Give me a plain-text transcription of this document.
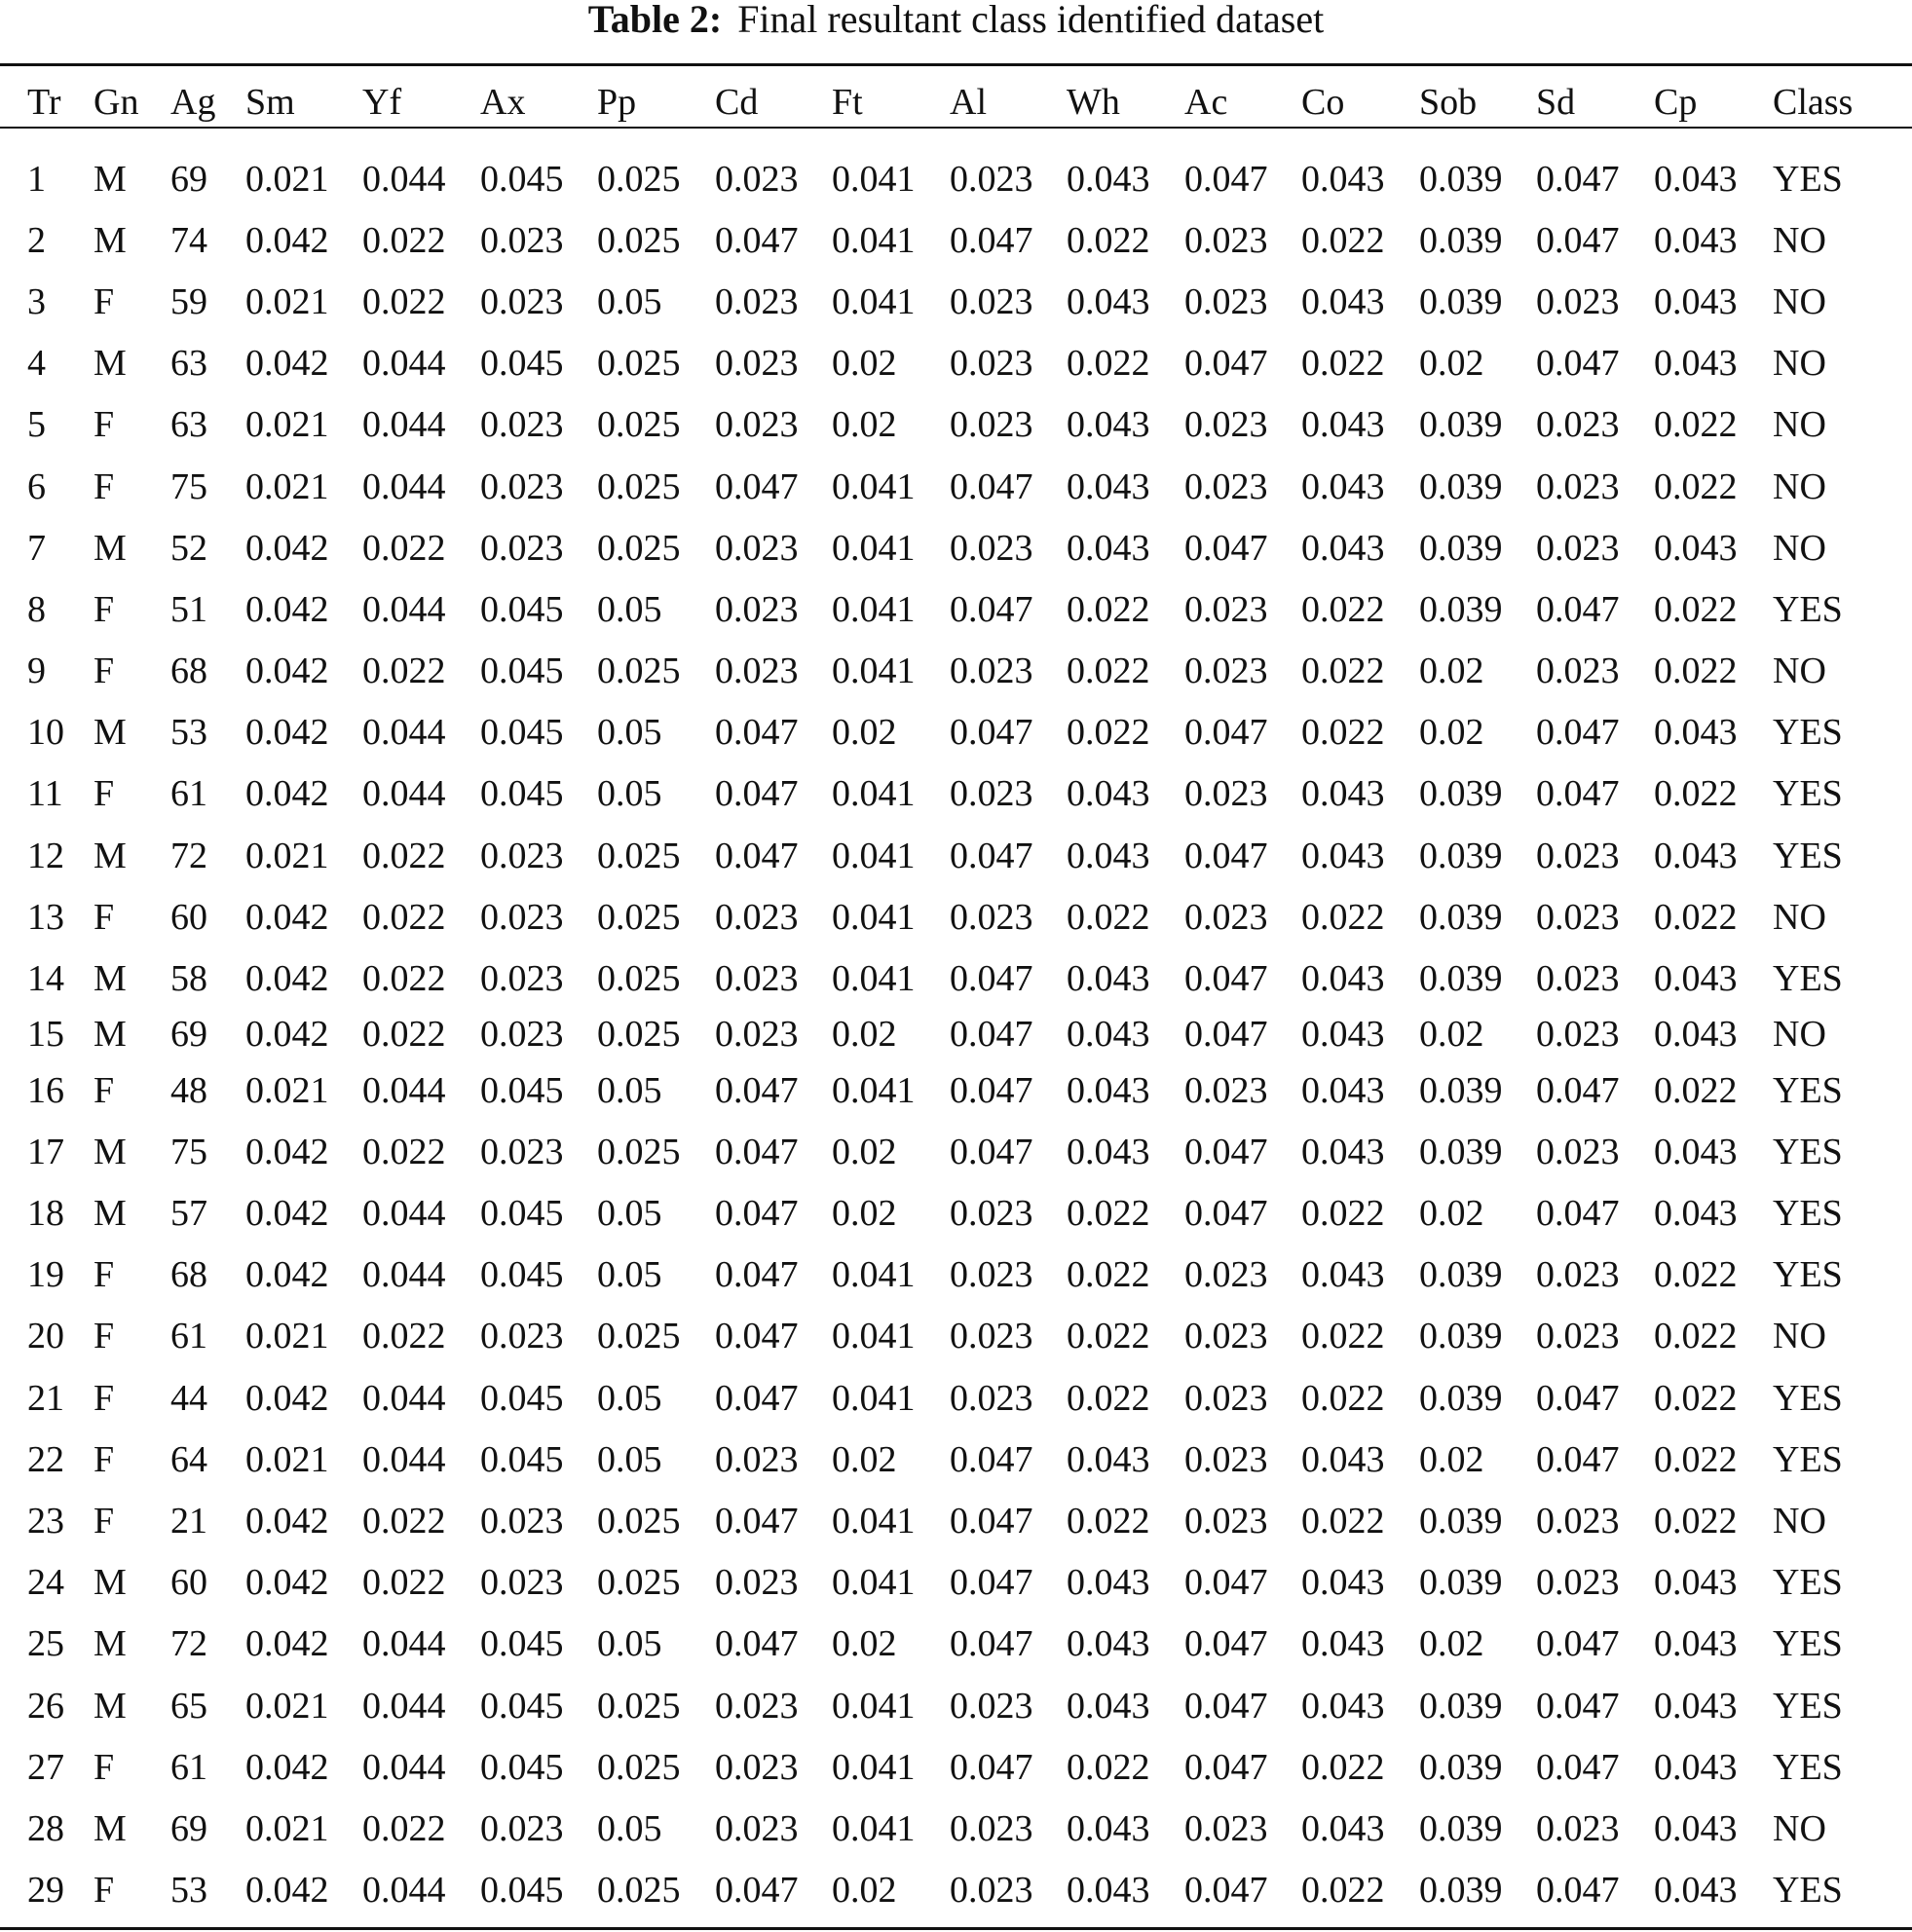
Table 2: Final resultant class identified dataset
	Tr	Gn	Ag	Sm	Yf	Ax	Pp	Cd	Ft	Al	Wh	Ac	Co	Sob	Sd	Cp	Class
	1	M	69	0.021	0.044	0.045	0.025	0.023	0.041	0.023	0.043	0.047	0.043	0.039	0.047	0.043	YES
	2	M	74	0.042	0.022	0.023	0.025	0.047	0.041	0.047	0.022	0.023	0.022	0.039	0.047	0.043	NO
	3	F	59	0.021	0.022	0.023	0.05	0.023	0.041	0.023	0.043	0.023	0.043	0.039	0.023	0.043	NO
	4	M	63	0.042	0.044	0.045	0.025	0.023	0.02	0.023	0.022	0.047	0.022	0.02	0.047	0.043	NO
	5	F	63	0.021	0.044	0.023	0.025	0.023	0.02	0.023	0.043	0.023	0.043	0.039	0.023	0.022	NO
	6	F	75	0.021	0.044	0.023	0.025	0.047	0.041	0.047	0.043	0.023	0.043	0.039	0.023	0.022	NO
	7	M	52	0.042	0.022	0.023	0.025	0.023	0.041	0.023	0.043	0.047	0.043	0.039	0.023	0.043	NO
	8	F	51	0.042	0.044	0.045	0.05	0.023	0.041	0.047	0.022	0.023	0.022	0.039	0.047	0.022	YES
	9	F	68	0.042	0.022	0.045	0.025	0.023	0.041	0.023	0.022	0.023	0.022	0.02	0.023	0.022	NO
	10	M	53	0.042	0.044	0.045	0.05	0.047	0.02	0.047	0.022	0.047	0.022	0.02	0.047	0.043	YES
	11	F	61	0.042	0.044	0.045	0.05	0.047	0.041	0.023	0.043	0.023	0.043	0.039	0.047	0.022	YES
	12	M	72	0.021	0.022	0.023	0.025	0.047	0.041	0.047	0.043	0.047	0.043	0.039	0.023	0.043	YES
	13	F	60	0.042	0.022	0.023	0.025	0.023	0.041	0.023	0.022	0.023	0.022	0.039	0.023	0.022	NO
	14	M	58	0.042	0.022	0.023	0.025	0.023	0.041	0.047	0.043	0.047	0.043	0.039	0.023	0.043	YES
	15	M	69	0.042	0.022	0.023	0.025	0.023	0.02	0.047	0.043	0.047	0.043	0.02	0.023	0.043	NO
	16	F	48	0.021	0.044	0.045	0.05	0.047	0.041	0.047	0.043	0.023	0.043	0.039	0.047	0.022	YES
	17	M	75	0.042	0.022	0.023	0.025	0.047	0.02	0.047	0.043	0.047	0.043	0.039	0.023	0.043	YES
	18	M	57	0.042	0.044	0.045	0.05	0.047	0.02	0.023	0.022	0.047	0.022	0.02	0.047	0.043	YES
	19	F	68	0.042	0.044	0.045	0.05	0.047	0.041	0.023	0.022	0.023	0.043	0.039	0.023	0.022	YES
	20	F	61	0.021	0.022	0.023	0.025	0.047	0.041	0.023	0.022	0.023	0.022	0.039	0.023	0.022	NO
	21	F	44	0.042	0.044	0.045	0.05	0.047	0.041	0.023	0.022	0.023	0.022	0.039	0.047	0.022	YES
	22	F	64	0.021	0.044	0.045	0.05	0.023	0.02	0.047	0.043	0.023	0.043	0.02	0.047	0.022	YES
	23	F	21	0.042	0.022	0.023	0.025	0.047	0.041	0.047	0.022	0.023	0.022	0.039	0.023	0.022	NO
	24	M	60	0.042	0.022	0.023	0.025	0.023	0.041	0.047	0.043	0.047	0.043	0.039	0.023	0.043	YES
	25	M	72	0.042	0.044	0.045	0.05	0.047	0.02	0.047	0.043	0.047	0.043	0.02	0.047	0.043	YES
	26	M	65	0.021	0.044	0.045	0.025	0.023	0.041	0.023	0.043	0.047	0.043	0.039	0.047	0.043	YES
	27	F	61	0.042	0.044	0.045	0.025	0.023	0.041	0.047	0.022	0.047	0.022	0.039	0.047	0.043	YES
	28	M	69	0.021	0.022	0.023	0.05	0.023	0.041	0.023	0.043	0.023	0.043	0.039	0.023	0.043	NO
	29	F	53	0.042	0.044	0.045	0.025	0.047	0.02	0.023	0.043	0.047	0.022	0.039	0.047	0.043	YES
